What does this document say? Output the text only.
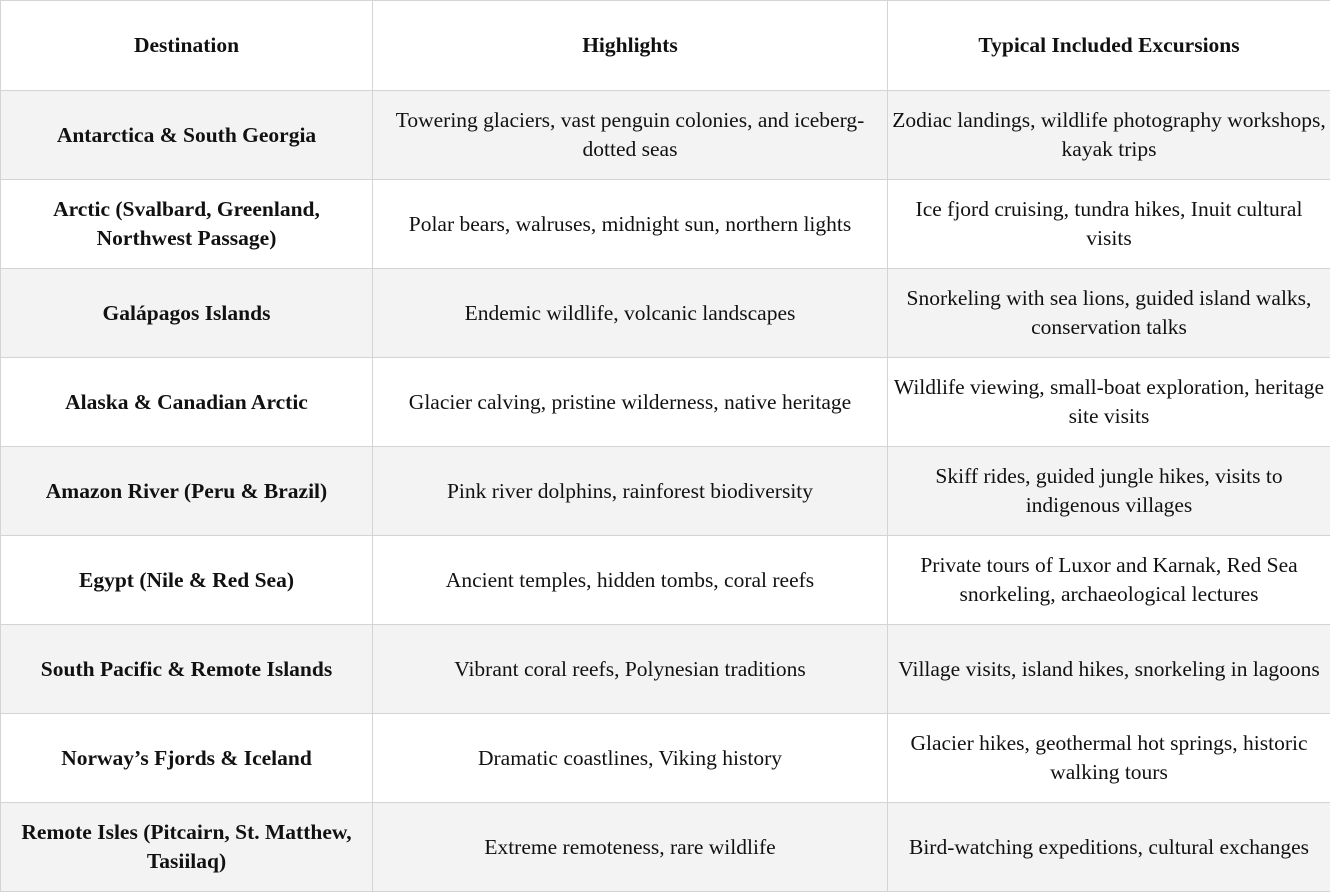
Destination	Highlights	Typical Included Excursions
Antarctica & South Georgia	Towering glaciers, vast penguin colonies, and iceberg-dotted seas	Zodiac landings, wildlife photography workshops, kayak trips
Arctic (Svalbard, Greenland, Northwest Passage)	Polar bears, walruses, midnight sun, northern lights	Ice fjord cruising, tundra hikes, Inuit cultural visits
Galápagos Islands	Endemic wildlife, volcanic landscapes	Snorkeling with sea lions, guided island walks, conservation talks
Alaska & Canadian Arctic	Glacier calving, pristine wilderness, native heritage	Wildlife viewing, small-boat exploration, heritage site visits
Amazon River (Peru & Brazil)	Pink river dolphins, rainforest biodiversity	Skiff rides, guided jungle hikes, visits to indigenous villages
Egypt (Nile & Red Sea)	Ancient temples, hidden tombs, coral reefs	Private tours of Luxor and Karnak, Red Sea snorkeling, archaeological lectures
South Pacific & Remote Islands	Vibrant coral reefs, Polynesian traditions	Village visits, island hikes, snorkeling in lagoons
Norway’s Fjords & Iceland	Dramatic coastlines, Viking history	Glacier hikes, geothermal hot springs, historic walking tours
Remote Isles (Pitcairn, St. Matthew, Tasiilaq)	Extreme remoteness, rare wildlife	Bird-watching expeditions, cultural exchanges
